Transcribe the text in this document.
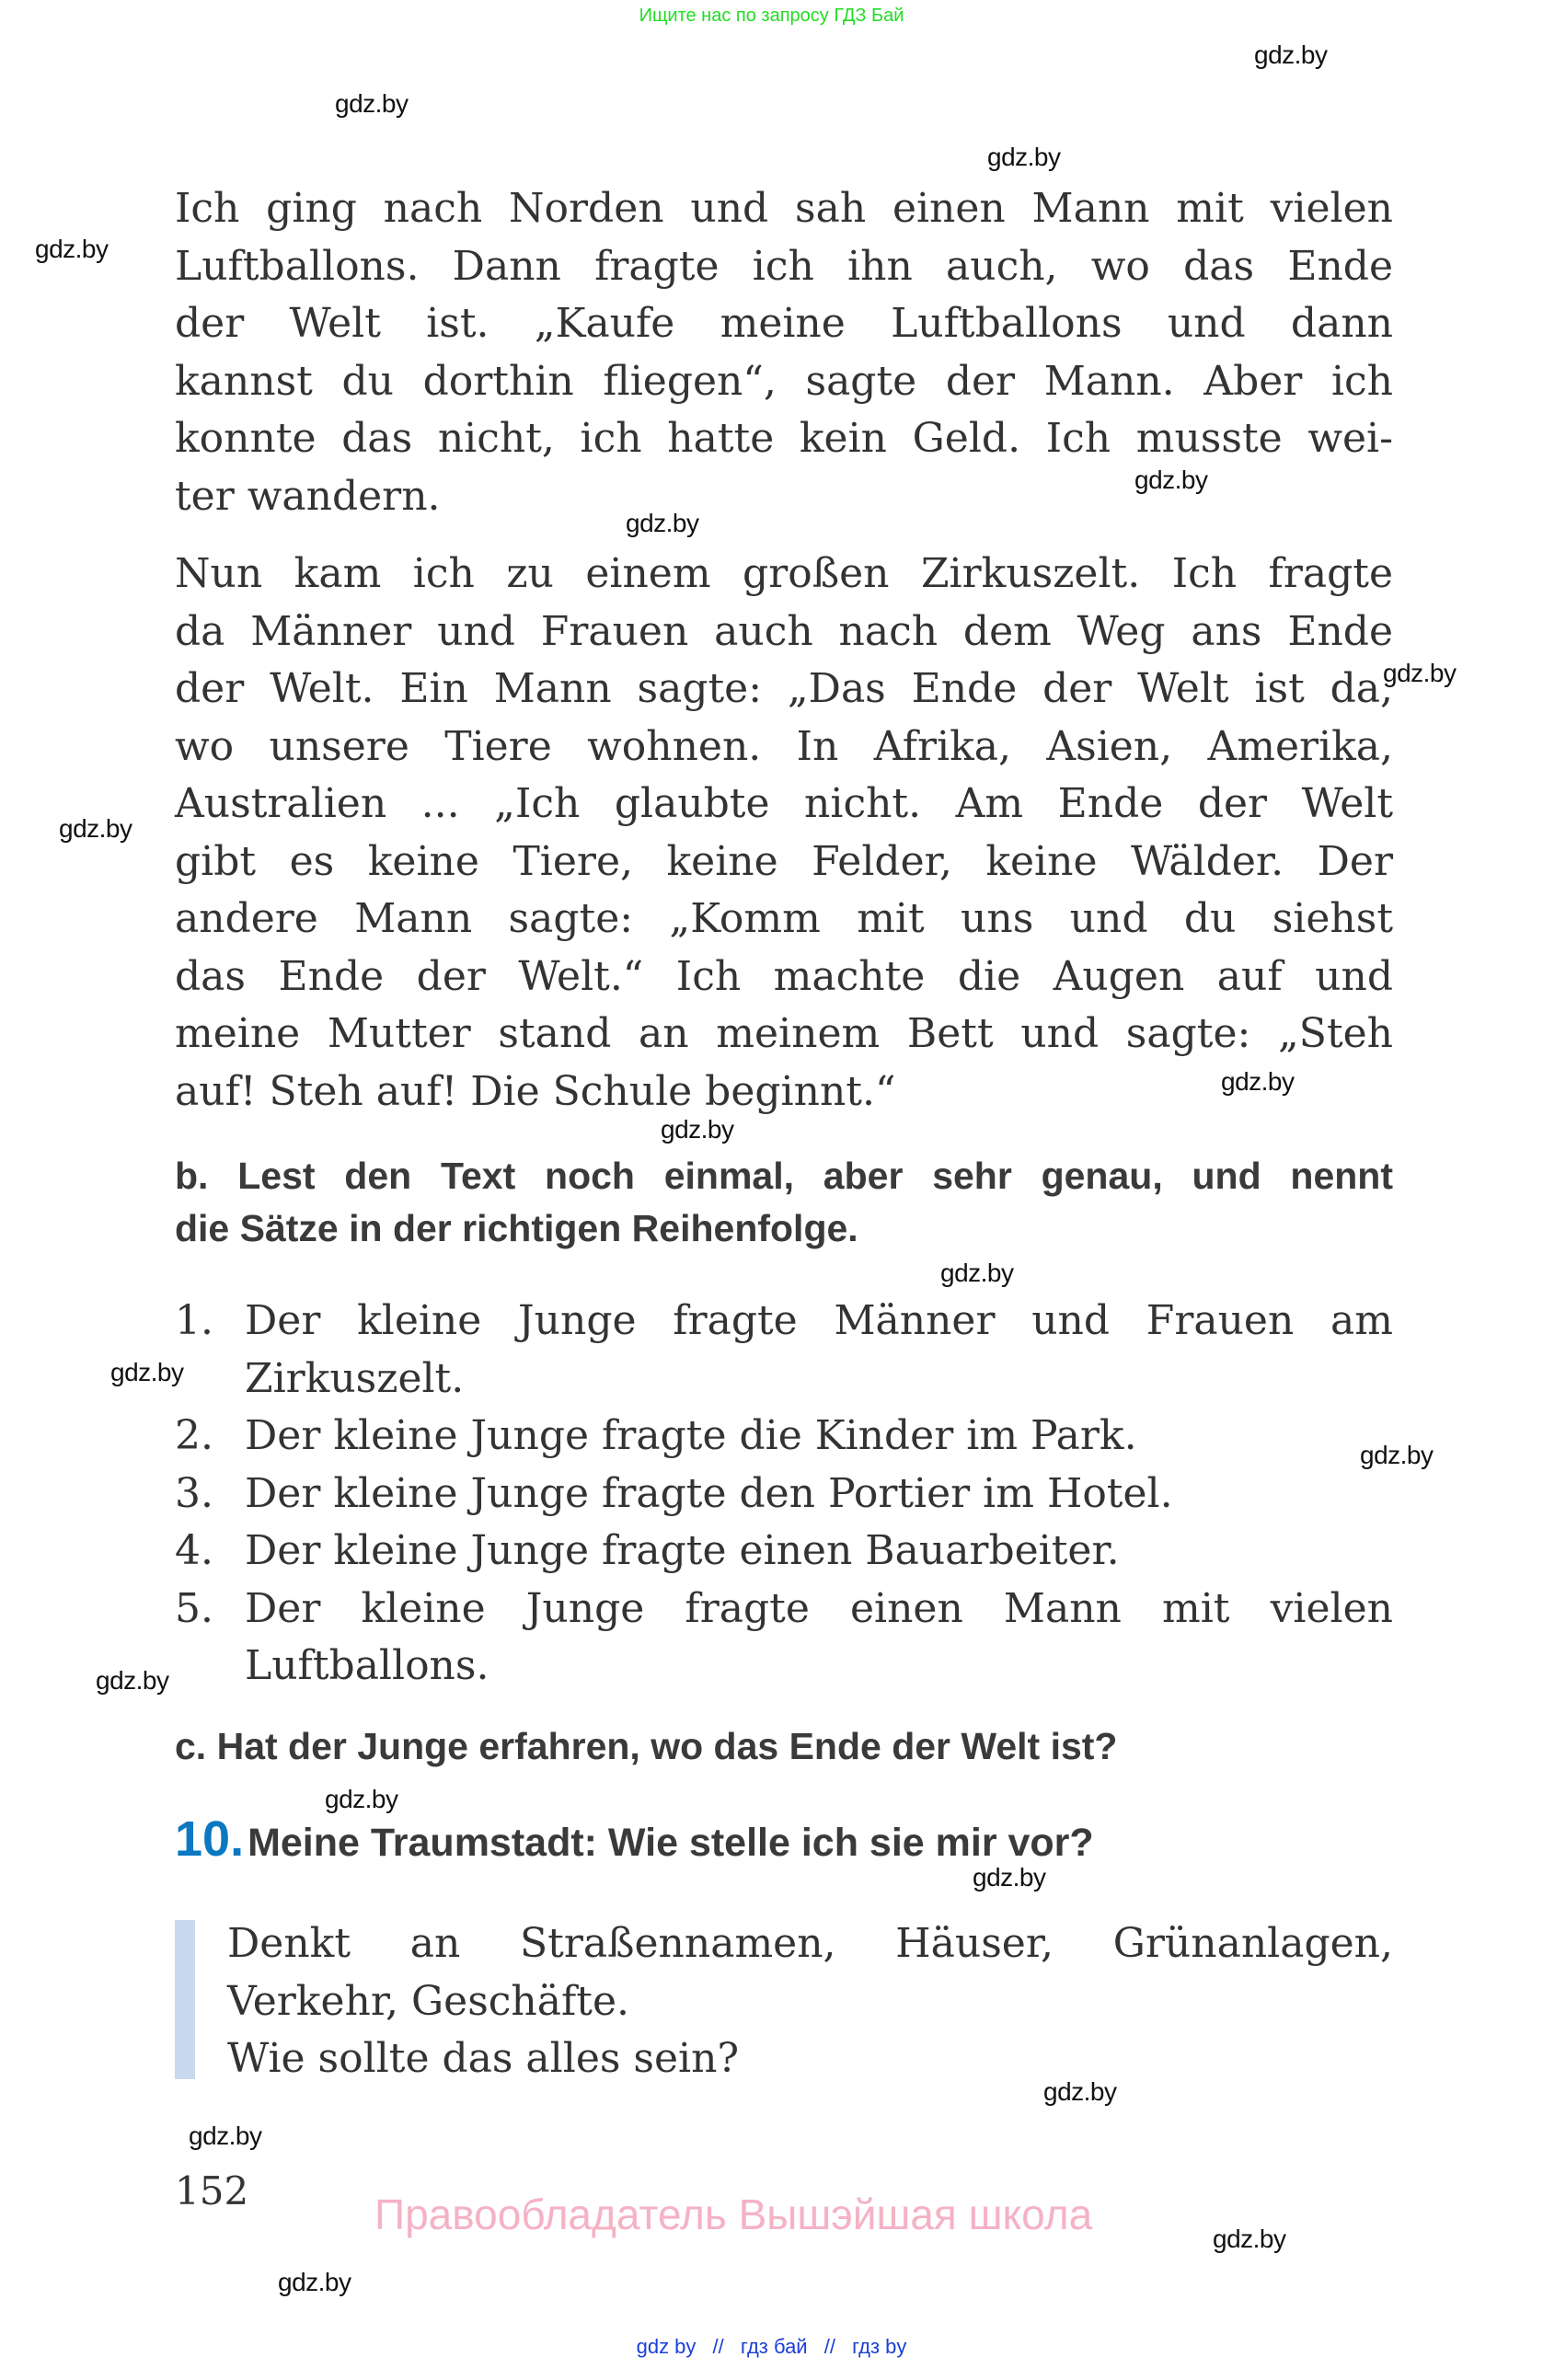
Ищите нас по запросу ГДЗ Бай
gdz.by
gdz.by
gdz.by
gdz.by
gdz.by
gdz.by
gdz.by
gdz.by
gdz.by
gdz.by
gdz.by
gdz.by
gdz.by
gdz.by
gdz.by
gdz.by
gdz.by
gdz.by
gdz.by
gdz.by
Ich ging nach Norden und sah einen Mann mit vielen
Luftballons. Dann fragte ich ihn auch, wo das Ende
der Welt ist. „Kaufe meine Luftballons und dann
kannst du dorthin fliegen“, sagte der Mann. Aber ich
konnte das nicht, ich hatte kein Geld. Ich musste wei-
ter wandern.
Nun kam ich zu einem großen Zirkuszelt. Ich fragte
da Männer und Frauen auch nach dem Weg ans Ende
der Welt. Ein Mann sagte: „Das Ende der Welt ist da,
wo unsere Tiere wohnen. In Afrika, Asien, Amerika,
Australien ... „Ich glaubte nicht. Am Ende der Welt
gibt es keine Tiere, keine Felder, keine Wälder. Der
andere Mann sagte: „Komm mit uns und du siehst
das Ende der Welt.“ Ich machte die Augen auf und
meine Mutter stand an meinem Bett und sagte: „Steh
auf! Steh auf! Die Schule beginnt.“
b. Lest den Text noch einmal, aber sehr genau, und nennt
die Sätze in der richtigen Reihenfolge.
1. Der kleine Junge fragte Männer und Frauen am
Zirkuszelt.
2. Der kleine Junge fragte die Kinder im Park.
3. Der kleine Junge fragte den Portier im Hotel.
4. Der kleine Junge fragte einen Bauarbeiter.
5. Der kleine Junge fragte einen Mann mit vielen
Luftballons.
c. Hat der Junge erfahren, wo das Ende der Welt ist?
10. Meine Traumstadt: Wie stelle ich sie mir vor?
Denkt an Straßennamen, Häuser, Grünanlagen,
Verkehr, Geschäfte.
Wie sollte das alles sein?
152	Правообладатель Вышэйшая школа
gdz by // гдз бай // гдз by
